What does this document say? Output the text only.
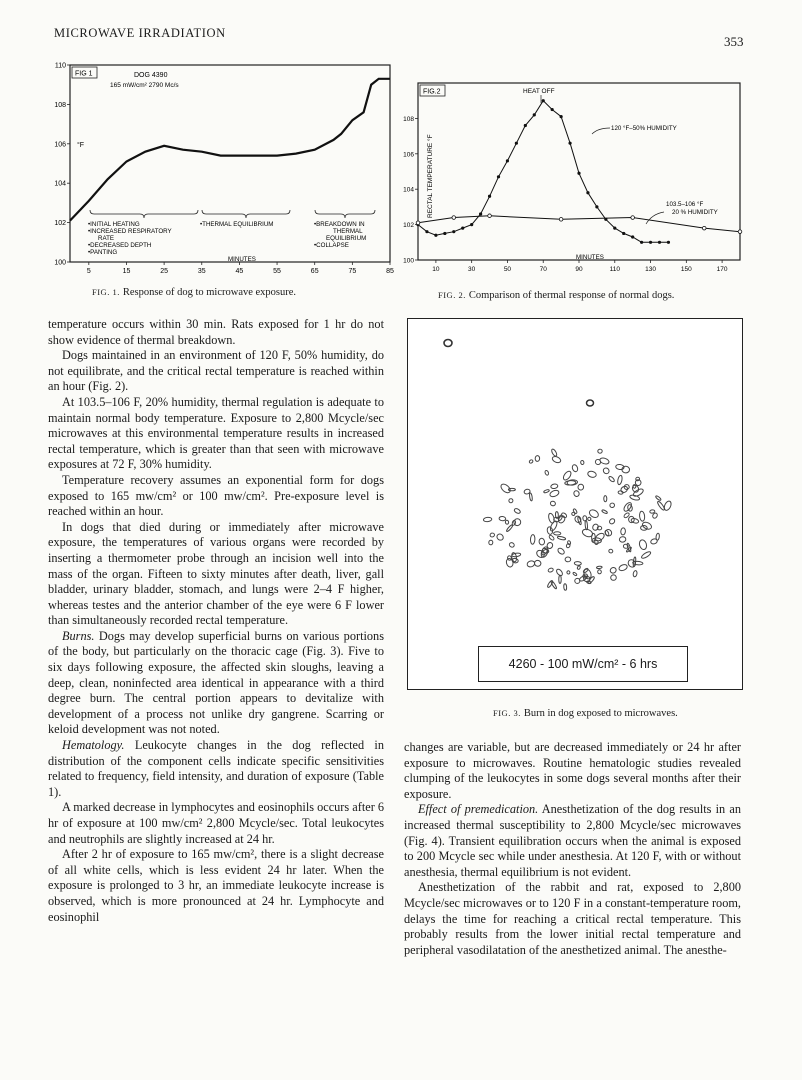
MICROWAVE IRRADIATION
353
FIG 1	DOG 4390
165 mW/cm² 2790 Mc/s
°F
100
102
104
106
108
110
5	15	25	35	45	55	65	75	85
•INITIAL HEATING
•INCREASED RESPIRATORY
RATE
•DECREASED DEPTH
•PANTING
•THERMAL EQUILIBRIUM	•BREAKDOWN IN
THERMAL
EQUILIBRIUM
•COLLAPSE
MINUTES
FIG. 1. Response of dog to microwave exposure.
FIG.2
RECTAL TEMPERATURE °F
100
102
104
106
108
10	30	50	70	90	110	130	150	170
HEAT OFF
120 °F–50% HUMIDITY
103.5–106 °F
20 % HUMIDITY
MINUTES
FIG. 2. Comparison of thermal response of normal dogs.
4260 - 100 mW/cm² - 6 hrs
FIG. 3. Burn in dog exposed to microwaves.

temperature occurs within 30 min. Rats exposed for 1 hr do not show evidence of thermal breakdown.

Dogs maintained in an environment of 120 F, 50% humidity, do not equilibrate, and the critical rectal temperature is reached within an hour (Fig. 2).

At 103.5–106 F, 20% humidity, thermal regulation is adequate to maintain normal body temperature. Exposure to 2,800 Mcycle/sec microwaves at this environmental temperature results in increased rectal temperature, which is greater than that seen with microwave exposures at 72 F, 30% humidity.

Temperature recovery assumes an exponential form for dogs exposed to 165 mw/cm² or 100 mw/cm². Pre-exposure level is reached within an hour.

In dogs that died during or immediately after microwave exposure, the temperatures of various organs were recorded by inserting a thermometer probe through an incision well into the mass of the organ. Fifteen to sixty minutes after death, liver, gall bladder, urinary bladder, stomach, and lungs were 2–4 F higher, whereas testes and the anterior chamber of the eye were 6 F lower than simultaneously recorded rectal temperature.

Burns. Dogs may develop superficial burns on various portions of the body, but particularly on the thoracic cage (Fig. 3). Five to six days following exposure, the affected skin sloughs, leaving a deep, clean, noninfected area identical in appearance with a third degree burn. The central portion appears to devitalize with development of a process not unlike dry gangrene. Scarring or keloid development was not noted.

Hematology. Leukocyte changes in the dog reflected in distribution of the component cells indicate specific sensitivities related to frequency, field intensity, and duration of exposure (Table 1).

A marked decrease in lymphocytes and eosinophils occurs after 6 hr of exposure at 100 mw/cm² 2,800 Mcycle/sec. Total leukocytes and neutrophils are slightly increased at 24 hr.

After 2 hr of exposure to 165 mw/cm², there is a slight decrease of all white cells, which is less evident 24 hr later. When the exposure is prolonged to 3 hr, an immediate leukocyte increase is observed, which is more pronounced at 24 hr. Lymphocyte and eosinophil

changes are variable, but are decreased immediately or 24 hr after exposure to microwaves. Routine hematologic studies revealed clumping of the leukocytes in some dogs several months after their exposure.

Effect of premedication. Anesthetization of the dog results in an increased thermal susceptibility to 2,800 Mcycle/sec microwaves (Fig. 4). Transient equilibration occurs when the animal is exposed to 200 Mcycle sec while under anesthesia. At 120 F, with or without anesthesia, thermal equilibrium is not evident.

Anesthetization of the rabbit and rat, exposed to 2,800 Mcycle/sec microwaves or to 120 F in a constant-temperature room, delays the time for reaching a critical rectal temperature. This probably results from the lower initial rectal temperature and peripheral vasodilatation of the anesthetized animal. The anesthe-
